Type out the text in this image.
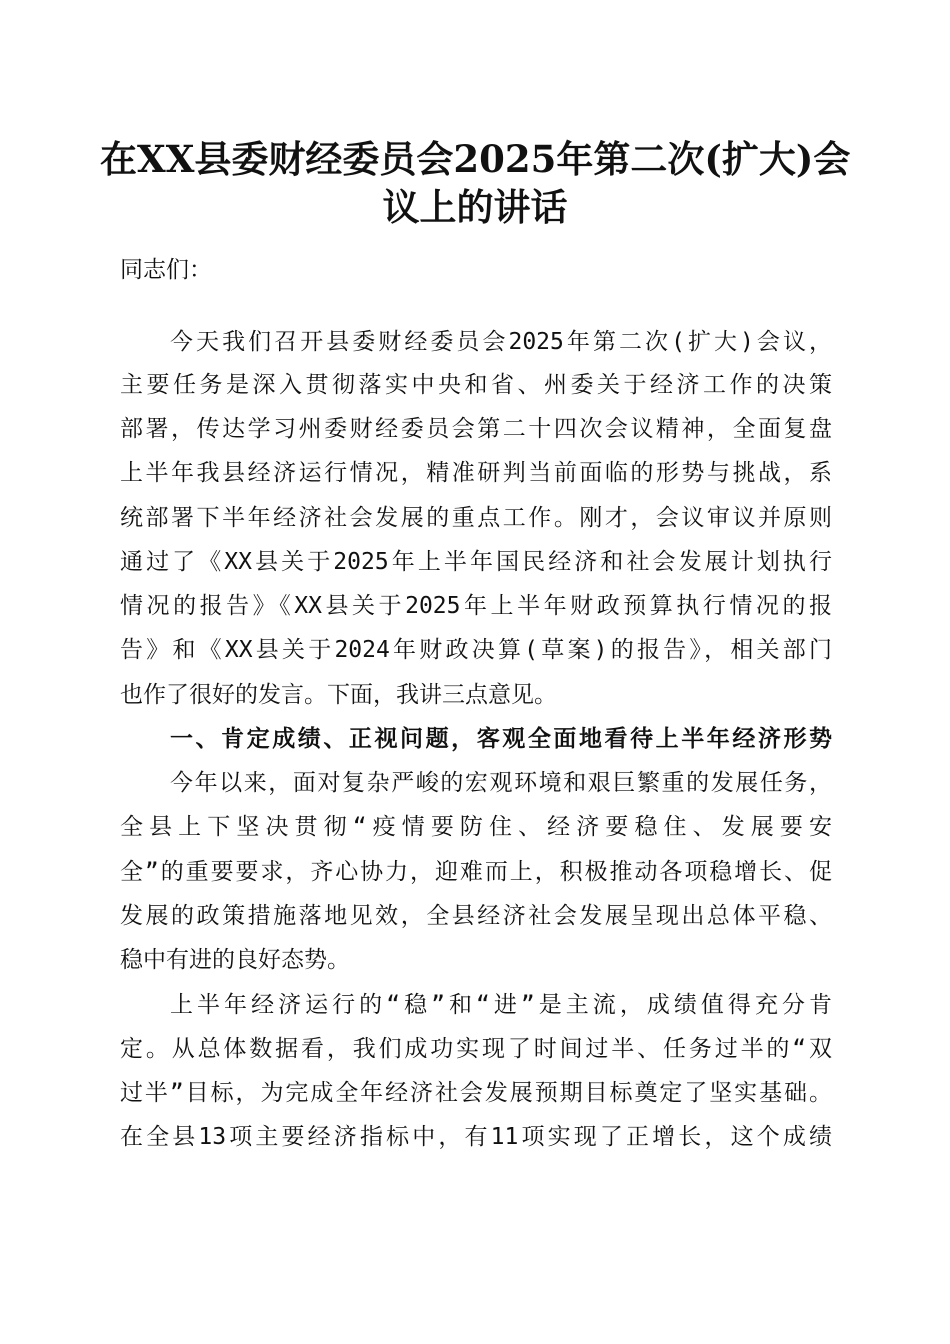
在XX县委财经委员会2025年第二次(扩大)会
议上的讲话
同志们：
今天我们召开县委财经委员会2025年第二次(扩大)会议，
主要任务是深入贯彻落实中央和省、州委关于经济工作的决策
部署，传达学习州委财经委员会第二十四次会议精神，全面复盘
上半年我县经济运行情况，精准研判当前面临的形势与挑战，系
统部署下半年经济社会发展的重点工作。刚才，会议审议并原则
通过了《XX县关于2025年上半年国民经济和社会发展计划执行
情况的报告》《XX县关于2025年上半年财政预算执行情况的报
告》和《XX县关于2024年财政决算(草案)的报告》，相关部门
也作了很好的发言。下面，我讲三点意见。
一、肯定成绩、正视问题，客观全面地看待上半年经济形势
今年以来，面对复杂严峻的宏观环境和艰巨繁重的发展任务，
全县上下坚决贯彻“疫情要防住、经济要稳住、发展要安
全”的重要要求，齐心协力，迎难而上，积极推动各项稳增长、促
发展的政策措施落地见效，全县经济社会发展呈现出总体平稳、
稳中有进的良好态势。
上半年经济运行的“稳”和“进”是主流，成绩值得充分肯
定。从总体数据看，我们成功实现了时间过半、任务过半的“双
过半”目标，为完成全年经济社会发展预期目标奠定了坚实基础。
在全县13项主要经济指标中，有11项实现了正增长，这个成绩
